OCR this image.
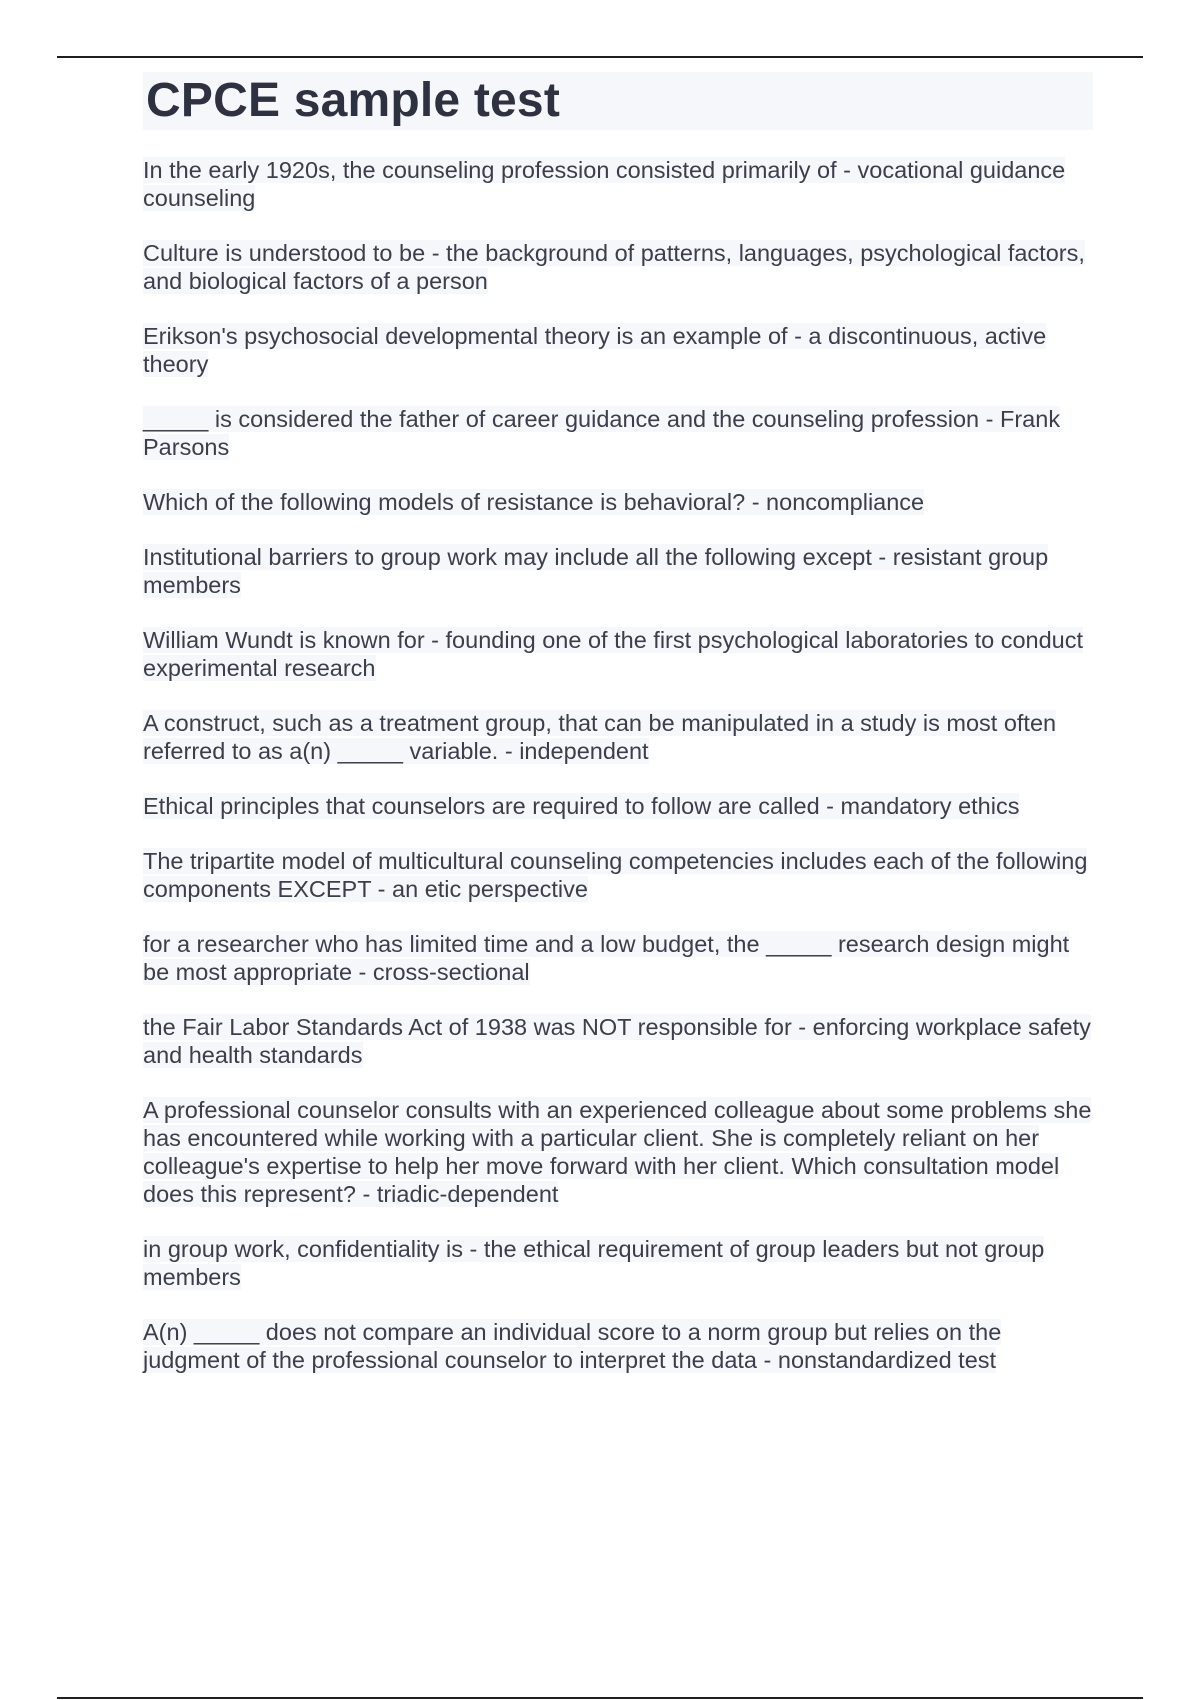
CPCE sample test
In the early 1920s, the counseling profession consisted primarily of - vocational guidance counseling
Culture is understood to be - the background of patterns, languages, psychological factors, and biological factors of a person
Erikson's psychosocial developmental theory is an example of - a discontinuous, active theory
_____ is considered the father of career guidance and the counseling profession - Frank Parsons
Which of the following models of resistance is behavioral? - noncompliance
Institutional barriers to group work may include all the following except - resistant group members
William Wundt is known for - founding one of the first psychological laboratories to conduct experimental research
A construct, such as a treatment group, that can be manipulated in a study is most often referred to as a(n) _____ variable. - independent
Ethical principles that counselors are required to follow are called - mandatory ethics
The tripartite model of multicultural counseling competencies includes each of the following components EXCEPT - an etic perspective
for a researcher who has limited time and a low budget, the _____ research design might be most appropriate - cross-sectional
the Fair Labor Standards Act of 1938 was NOT responsible for - enforcing workplace safety and health standards
A professional counselor consults with an experienced colleague about some problems she has encountered while working with a particular client. She is completely reliant on her colleague's expertise to help her move forward with her client. Which consultation model does this represent? - triadic-dependent
in group work, confidentiality is - the ethical requirement of group leaders but not group members
A(n) _____ does not compare an individual score to a norm group but relies on the judgment of the professional counselor to interpret the data - nonstandardized test
